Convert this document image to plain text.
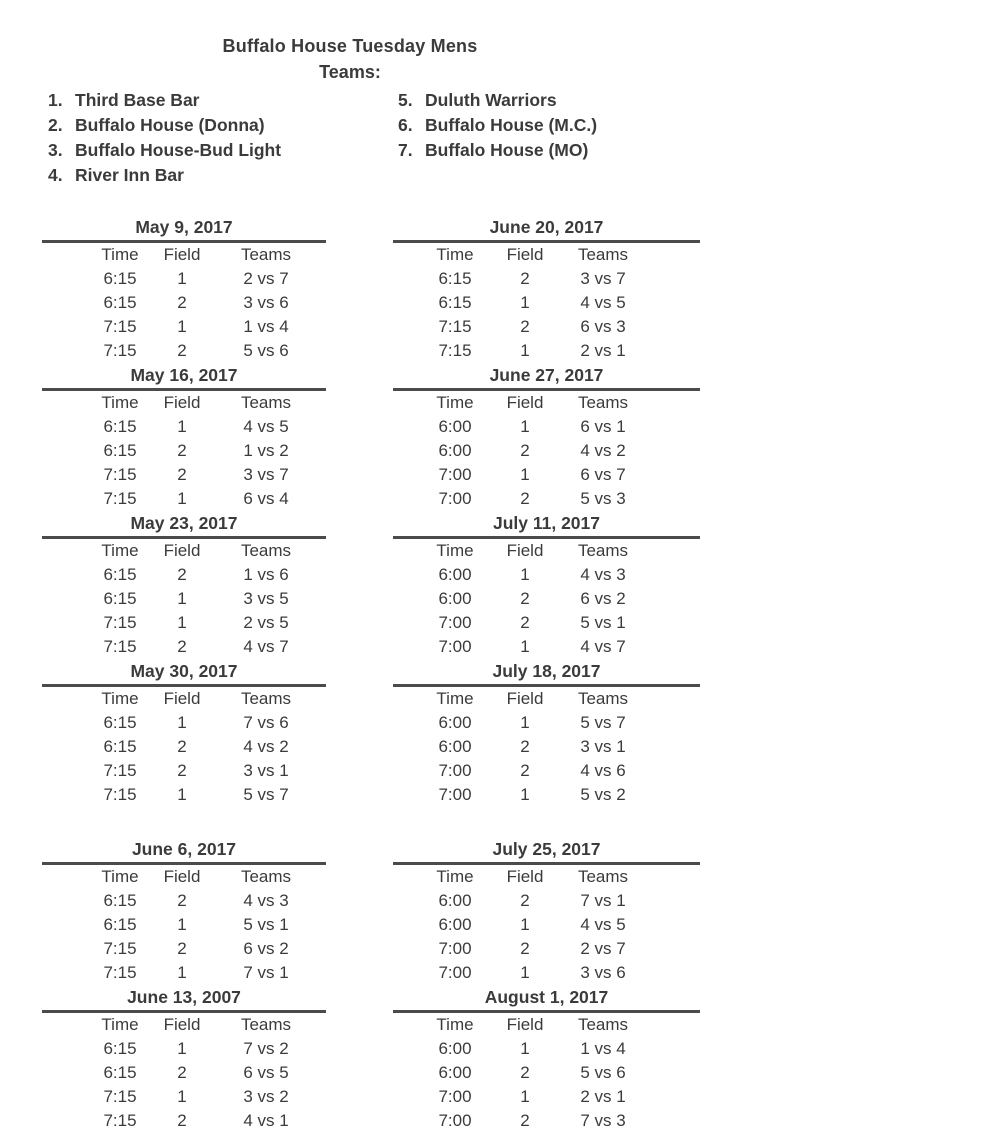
Buffalo House Tuesday Mens
Teams:
1. Third Base Bar
2. Buffalo House (Donna)
3. Buffalo House-Bud Light
4. River Inn Bar
5. Duluth Warriors
6. Buffalo House (M.C.)
7. Buffalo House (MO)
May 9, 2017
Time Field	Teams
6:15	1	2 vs 7
6:15	2	3 vs 6
7:15	1	1 vs 4
7:15	2	5 vs 6
May 16, 2017
Time Field	Teams
6:15	1	4 vs 5
6:15	2	1 vs 2
7:15	2	3 vs 7
7:15	1	6 vs 4
May 23, 2017
Time Field	Teams
6:15	2	1 vs 6
6:15	1	3 vs 5
7:15	1	2 vs 5
7:15	2	4 vs 7
May 30, 2017
Time Field	Teams
6:15	1	7 vs 6
6:15	2	4 vs 2
7:15	2	3 vs 1
7:15	1	5 vs 7
June 6, 2017
Time Field	Teams
6:15	2	4 vs 3
6:15	1	5 vs 1
7:15	2	6 vs 2
7:15	1	7 vs 1
June 13, 2007
Time Field	Teams
6:15	1	7 vs 2
6:15	2	6 vs 5
7:15	1	3 vs 2
7:15	2	4 vs 1
June 20, 2017
Time Field	Teams
6:15	2	3 vs 7
6:15	1	4 vs 5
7:15	2	6 vs 3
7:15	1	2 vs 1
June 27, 2017
Time Field	Teams
6:00	1	6 vs 1
6:00	2	4 vs 2
7:00	1	6 vs 7
7:00	2	5 vs 3
July 11, 2017
Time Field	Teams
6:00	1	4 vs 3
6:00	2	6 vs 2
7:00	2	5 vs 1
7:00	1	4 vs 7
July 18, 2017
Time Field	Teams
6:00	1	5 vs 7
6:00	2	3 vs 1
7:00	2	4 vs 6
7:00	1	5 vs 2
July 25, 2017
Time Field	Teams
6:00	2	7 vs 1
6:00	1	4 vs 5
7:00	2	2 vs 7
7:00	1	3 vs 6
August 1, 2017
Time Field	Teams
6:00	1	1 vs 4
6:00	2	5 vs 6
7:00	1	2 vs 1
7:00	2	7 vs 3
